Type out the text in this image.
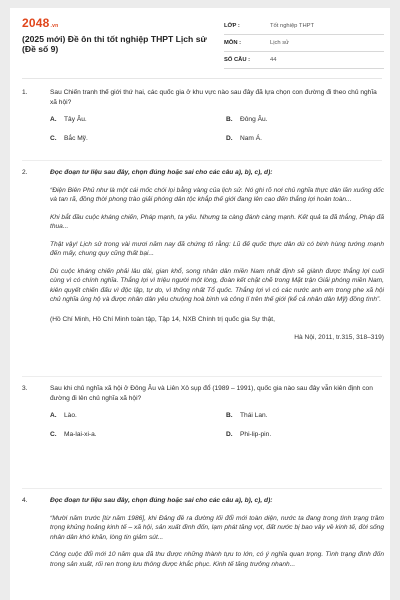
2048.vn
(2025 mới) Đề ôn thi tốt nghiệp THPT Lịch sử (Đề số 9)
LỚP :	Tốt nghiệp THPT
MÔN :	Lịch sử
SỐ CÂU :	44
1.	Sau Chiến tranh thế giới thứ hai, các quốc gia ở khu vực nào sau đây đã lựa chọn con đường đi theo chủ nghĩa xã hội?
A.	Tây Âu.	B.	Đông Âu.
C.	Bắc Mỹ.	D.	Nam Á.
2.	Đọc đoạn tư liệu sau đây, chọn đúng hoặc sai cho các câu a), b), c), d):
“Điện Biên Phủ như là một cái mốc chói lọi bằng vàng của lịch sử. Nó ghi rõ nơi chủ nghĩa thực dân lăn xuống dốc và tan rã, đồng thời phong trào giải phóng dân tộc khắp thế giới đang lên cao đến thắng lợi hoàn toàn...
Khi bắt đầu cuộc kháng chiến, Pháp mạnh, ta yếu. Nhưng ta càng đánh càng mạnh. Kết quả ta đã thắng, Pháp đã thua...
Thật vậy! Lịch sử trong vài mươi năm nay đã chứng tỏ rằng: Lũ đế quốc thực dân dù có binh hùng tướng mạnh đến mấy, chung quy cũng thất bại...
Dù cuộc kháng chiến phải lâu dài, gian khổ, song nhân dân miền Nam nhất định sẽ giành được thắng lợi cuối cùng vì có chính nghĩa. Thắng lợi vì triệu người một lòng, đoàn kết chặt chẽ trong Mặt trận Giải phóng miền Nam, kiên quyết chiến đấu vì độc lập, tự do, vì thống nhất Tổ quốc. Thắng lợi vì có các nước anh em trong phe xã hội chủ nghĩa ủng hộ và được nhân dân yêu chuộng hoà bình và công lí trên thế giới (kể cả nhân dân Mỹ) đồng tình”.
(Hồ Chí Minh, Hồ Chí Minh toàn tập, Tập 14, NXB Chính trị quốc gia Sự thật,
Hà Nội, 2011, tr.315, 318–319)
3.	Sau khi chủ nghĩa xã hội ở Đông Âu và Liên Xô sụp đổ (1989 – 1991), quốc gia nào sau đây vẫn kiên định con đường đi lên chủ nghĩa xã hội?
A.	Lào.	B.	Thái Lan.
C.	Ma-lai-xi-a.	D.	Phi-lip-pin.
4.	Đọc đoạn tư liệu sau đây, chọn đúng hoặc sai cho các câu a), b), c), d):
“Mười năm trước [từ năm 1986], khi Đảng đề ra đường lối đổi mới toàn diện, nước ta đang trong tình trạng trầm trọng khủng hoảng kinh tế – xã hội, sản xuất đình đốn, lạm phát tăng vọt, đất nước bị bao vây về kinh tế, đời sống nhân dân khó khăn, lòng tin giảm sút...
Công cuộc đổi mới 10 năm qua đã thu được những thành tựu to lớn, có ý nghĩa quan trọng. Tình trạng đình đốn trong sản xuất, rối ren trong lưu thông được khắc phục. Kinh tế tăng trưởng nhanh...
